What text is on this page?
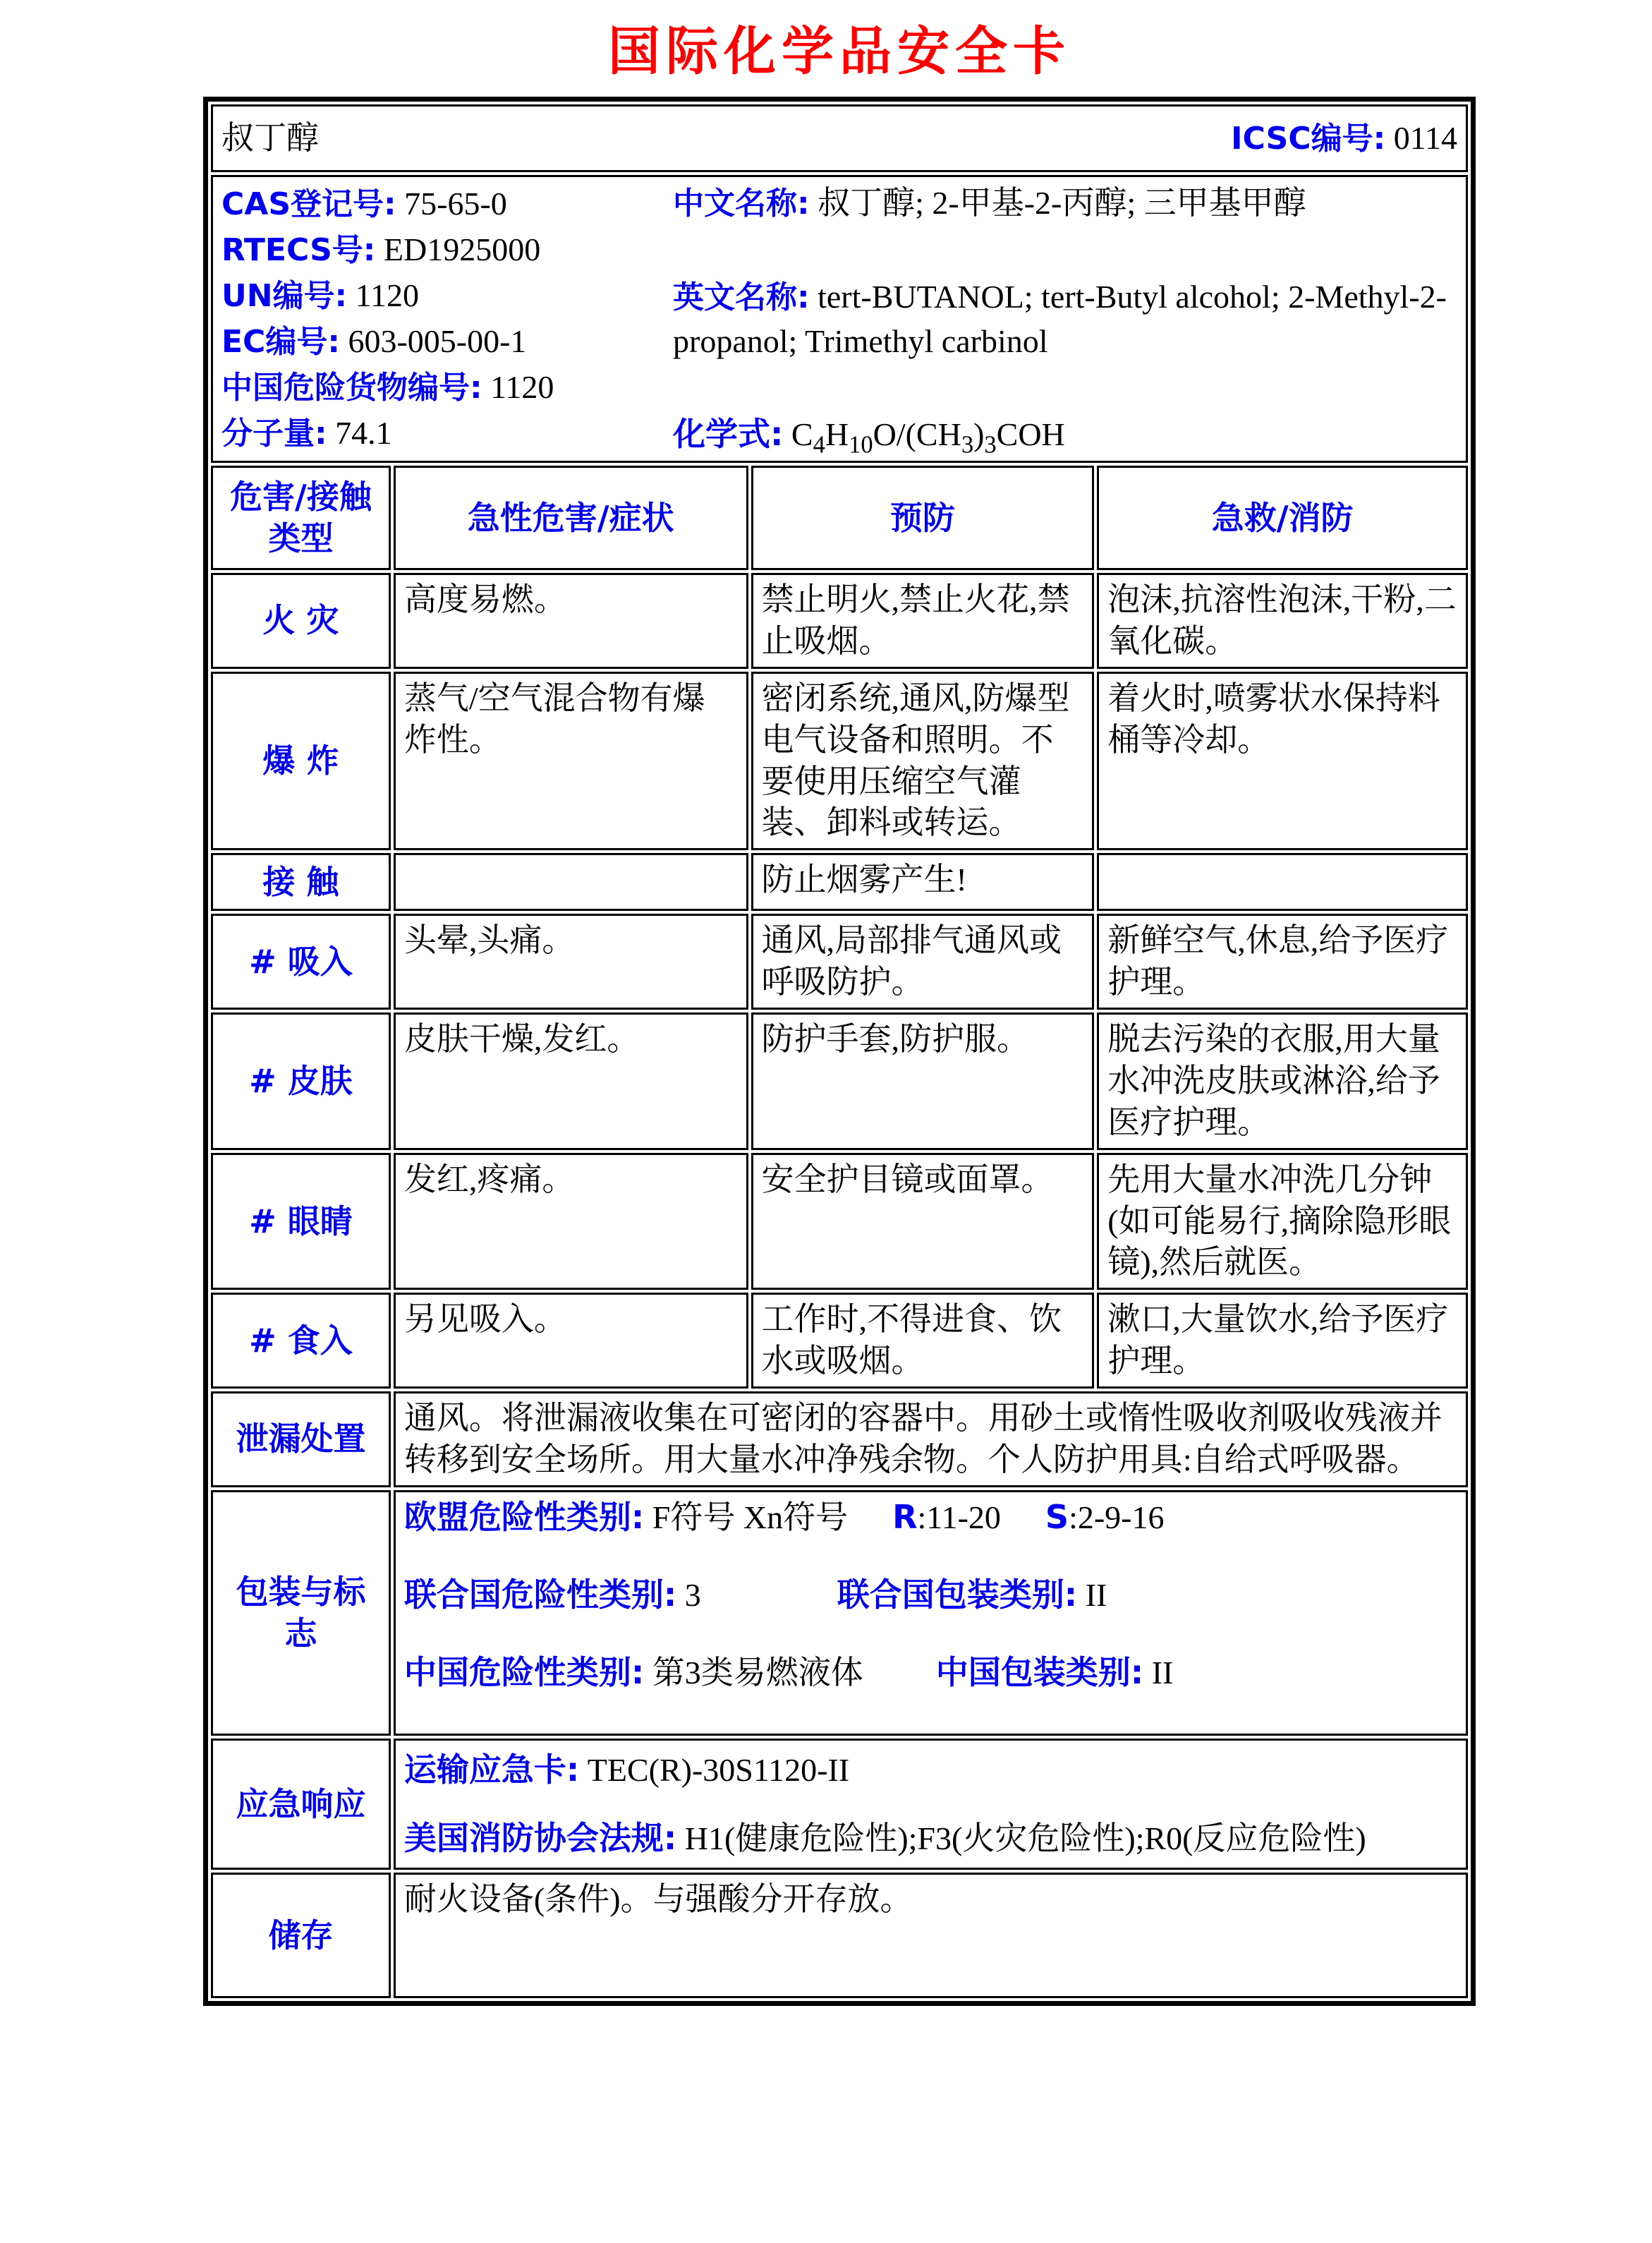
国际化学品安全卡
叔丁醇 ICSC编号: 0114			

CAS登记号: 75-65-0
RTECS号: ED1925000
UN编号: 1120
EC编号: 603-005-00-1
中国危险货物编号: 1120
分子量: 74.1
中文名称: 叔丁醇; 2-甲基-2-丙醇; 三甲基甲醇
英文名称: tert-BUTANOL; tert-Butyl alcohol; 2-Methyl-2-propanol; Trimethyl carbinol
化学式: $C_4H_{10}O/(CH_3)_3COH$

危害/接触
类型	急性危害/症状	预防	急救/消防
火 灾	高度易燃。	禁止明火,禁止火花,禁止吸烟。	泡沫,抗溶性泡沫,干粉,二氧化碳。
爆 炸	蒸气/空气混合物有爆炸性。	密闭系统,通风,防爆型电气设备和照明。不要使用压缩空气灌装、卸料或转运。	着火时,喷雾状水保持料桶等冷却。
接 触		防止烟雾产生!	
# 吸入	头晕,头痛。	通风,局部排气通风或呼吸防护。	新鲜空气,休息,给予医疗护理。
# 皮肤	皮肤干燥,发红。	防护手套,防护服。	脱去污染的衣服,用大量水冲洗皮肤或淋浴,给予医疗护理。
# 眼睛	发红,疼痛。	安全护目镜或面罩。	先用大量水冲洗几分钟(如可能易行,摘除隐形眼镜),然后就医。
# 食入	另见吸入。	工作时,不得进食、饮水或吸烟。	漱口,大量饮水,给予医疗护理。
泄漏处置	通风。将泄漏液收集在可密闭的容器中。用砂土或惰性吸收剂吸收残液并转移到安全场所。用大量水冲净残余物。个人防护用具:自给式呼吸器。		
包装与标志	欧盟危险性类别: F符号 Xn符号 R:11-20 S:2-9-16
联合国危险性类别: 3 联合国包装类别: II
中国危险性类别: 第3类易燃液体 中国包装类别: II		

应急响应	运输应急卡: TEC(R)-30S1120-II
美国消防协会法规: H1(健康危险性);F3(火灾危险性);R0(反应危险性)		

储存	耐火设备(条件)。与强酸分开存放。		
